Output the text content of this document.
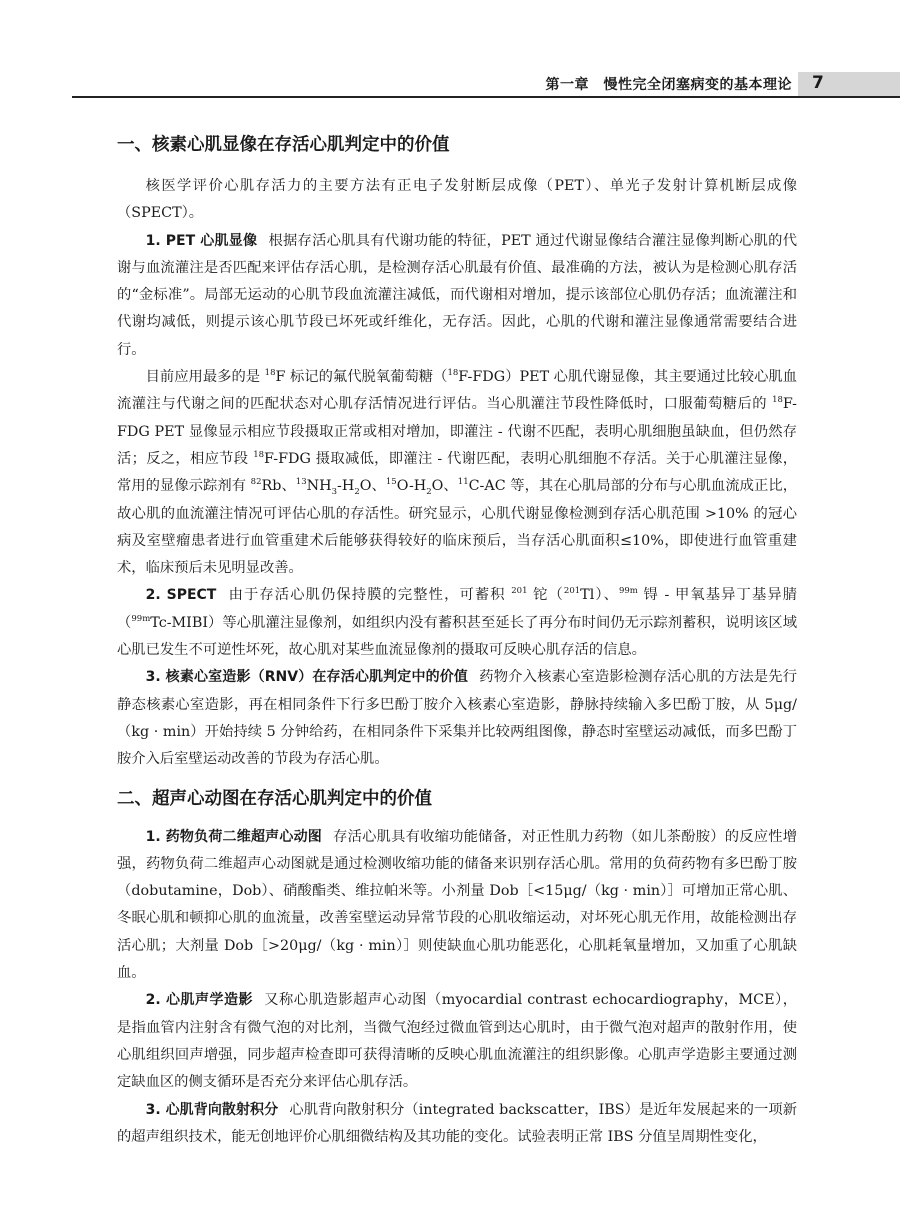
第一章　慢性完全闭塞病变的基本理论 7
一、核素心肌显像在存活心肌判定中的价值

核医学评价心肌存活力的主要方法有正电子发射断层成像（PET）、单光子发射计算机断层成像（SPECT）。

1. PET 心肌显像 根据存活心肌具有代谢功能的特征，PET 通过代谢显像结合灌注显像判断心肌的代谢与血流灌注是否匹配来评估存活心肌，是检测存活心肌最有价值、最准确的方法，被认为是检测心肌存活的“金标准”。局部无运动的心肌节段血流灌注减低，而代谢相对增加，提示该部位心肌仍存活；血流灌注和代谢均减低，则提示该心肌节段已坏死或纤维化，无存活。因此，心肌的代谢和灌注显像通常需要结合进行。

目前应用最多的是 $^{18}$F 标记的氟代脱氧葡萄糖（$^{18}$F-FDG）PET 心肌代谢显像，其主要通过比较心肌血流灌注与代谢之间的匹配状态对心肌存活情况进行评估。当心肌灌注节段性降低时，口服葡萄糖后的 $^{18}$F-FDG PET 显像显示相应节段摄取正常或相对增加，即灌注 - 代谢不匹配，表明心肌细胞虽缺血，但仍然存活；反之，相应节段 $^{18}$F-FDG 摄取减低，即灌注 - 代谢匹配，表明心肌细胞不存活。关于心肌灌注显像，常用的显像示踪剂有 $^{82}$Rb、$^{13}NH_3-H_2O$、$^{15}O-H_2O$、$^{11}$C-AC 等，其在心肌局部的分布与心肌血流成正比，故心肌的血流灌注情况可评估心肌的存活性。研究显示，心肌代谢显像检测到存活心肌范围 >10% 的冠心病及室壁瘤患者进行血管重建术后能够获得较好的临床预后，当存活心肌面积≤10%，即使进行血管重建术，临床预后未见明显改善。

2. SPECT 由于存活心肌仍保持膜的完整性，可蓄积 $^{201}$ 铊（$^{201}$Tl）、$^{99m}$ 锝 - 甲氧基异丁基异腈（$^{99m}$Tc-MIBI）等心肌灌注显像剂，如组织内没有蓄积甚至延长了再分布时间仍无示踪剂蓄积，说明该区域心肌已发生不可逆性坏死，故心肌对某些血流显像剂的摄取可反映心肌存活的信息。

3. 核素心室造影（RNV）在存活心肌判定中的价值 药物介入核素心室造影检测存活心肌的方法是先行静态核素心室造影，再在相同条件下行多巴酚丁胺介入核素心室造影，静脉持续输入多巴酚丁胺，从 5μg/（kg · min）开始持续 5 分钟给药，在相同条件下采集并比较两组图像，静态时室壁运动减低，而多巴酚丁胺介入后室壁运动改善的节段为存活心肌。

二、超声心动图在存活心肌判定中的价值

1. 药物负荷二维超声心动图 存活心肌具有收缩功能储备，对正性肌力药物（如儿茶酚胺）的反应性增强，药物负荷二维超声心动图就是通过检测收缩功能的储备来识别存活心肌。常用的负荷药物有多巴酚丁胺（dobutamine，Dob）、硝酸酯类、维拉帕米等。小剂量 Dob［<15μg/（kg · min）］可增加正常心肌、冬眠心肌和顿抑心肌的血流量，改善室壁运动异常节段的心肌收缩运动，对坏死心肌无作用，故能检测出存活心肌；大剂量 Dob［>20μg/（kg · min）］则使缺血心肌功能恶化，心肌耗氧量增加，又加重了心肌缺血。

2. 心肌声学造影 又称心肌造影超声心动图（myocardial contrast echocardiography，MCE），是指血管内注射含有微气泡的对比剂，当微气泡经过微血管到达心肌时，由于微气泡对超声的散射作用，使心肌组织回声增强，同步超声检查即可获得清晰的反映心肌血流灌注的组织影像。心肌声学造影主要通过测定缺血区的侧支循环是否充分来评估心肌存活。

3. 心肌背向散射积分 心肌背向散射积分（integrated backscatter，IBS）是近年发展起来的一项新的超声组织技术，能无创地评价心肌细微结构及其功能的变化。试验表明正常 IBS 分值呈周期性变化，
